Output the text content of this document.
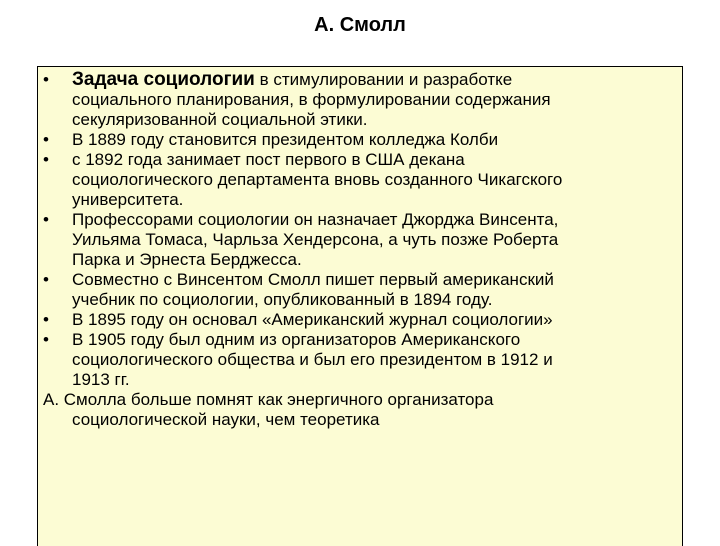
А. Смолл
•	Задача социологии в стимулировании и разработке
социального планирования, в формулировании содержания
секуляризованной социальной этики.
•	В 1889 году становится президентом колледжа Колби
•	с 1892 года занимает пост первого в США декана
социологического департамента вновь созданного Чикагского
университета.
•	Профессорами социологии он назначает Джорджа Винсента,
Уильяма Томаса, Чарльза Хендерсона, а чуть позже Роберта
Парка и Эрнеста Берджесса.
•	Совместно с Винсентом Смолл пишет первый американский
учебник по социологии, опубликованный в 1894 году.
•	В 1895 году он основал «Американский журнал социологии»
•	В 1905 году был одним из организаторов Американского
социологического общества и был его президентом в 1912 и
1913 гг.
А. Смолла больше помнят как энергичного организатора
социологической науки, чем теоретика
